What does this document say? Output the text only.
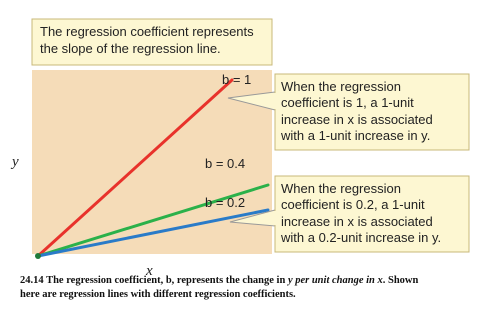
The regression coefficient represents
the slope of the regression line.
When the regression
coefficient is 1, a 1-unit
increase in x is associated
with a 1-unit increase in y.
When the regression
coefficient is 0.2, a 1-unit
increase in x is associated
with a 0.2-unit increase in y.
b = 1
b = 0.4
b = 0.2
y
x
24.14 The regression coefficient, b, represents the change in y per unit change in x. Shown here are regression lines with different regression coefficients.
